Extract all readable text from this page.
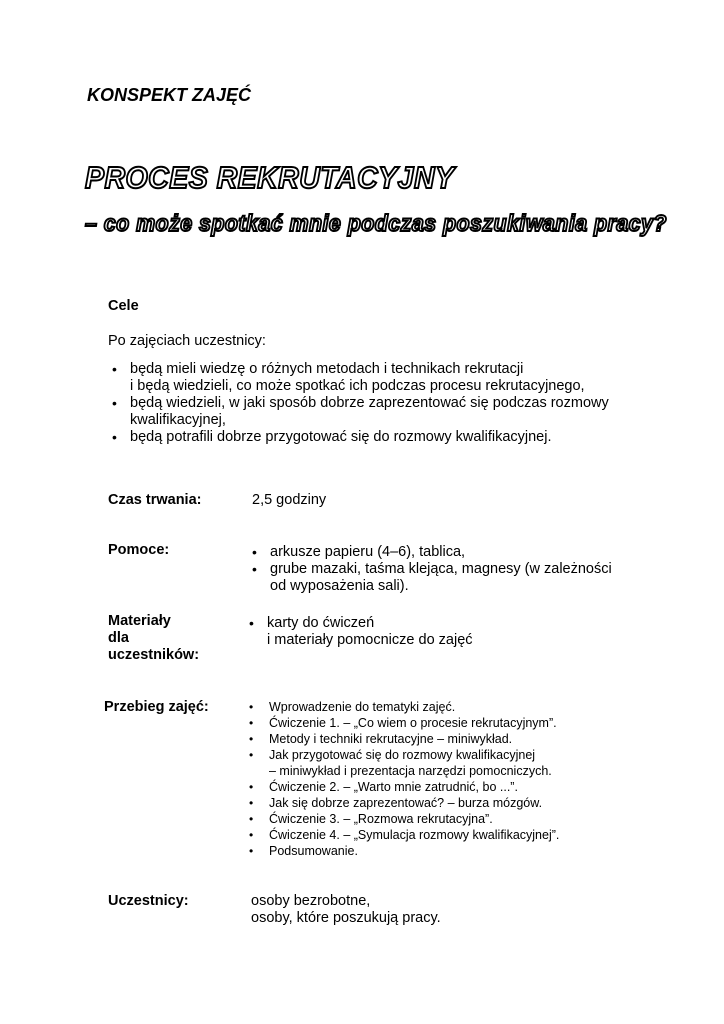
KONSPEKT ZAJĘĆ
PROCES REKRUTACYJNY
– co może spotkać mnie podczas poszukiwania pracy?
Cele
Po zajęciach uczestnicy:
• będą mieli wiedzę o różnych metodach i technikach rekrutacji
i będą wiedzieli, co może spotkać ich podczas procesu rekrutacyjnego,
• będą wiedzieli, w jaki sposób dobrze zaprezentować się podczas rozmowy
kwalifikacyjnej,
• będą potrafili dobrze przygotować się do rozmowy kwalifikacyjnej.
Czas trwania:	2,5 godziny
Pomoce:	• arkusze papieru (4–6), tablica,
• grube mazaki, taśma klejąca, magnesy (w zależności
od wyposażenia sali).
Materiały
dla
uczestników:
• karty do ćwiczeń
i materiały pomocnicze do zajęć
Przebieg zajęć:	• Wprowadzenie do tematyki zajęć.
• Ćwiczenie 1. – „Co wiem o procesie rekrutacyjnym”.
• Metody i techniki rekrutacyjne – miniwykład.
• Jak przygotować się do rozmowy kwalifikacyjnej
– miniwykład i prezentacja narzędzi pomocniczych.
• Ćwiczenie 2. – „Warto mnie zatrudnić, bo ...”.
• Jak się dobrze zaprezentować? – burza mózgów.
• Ćwiczenie 3. – „Rozmowa rekrutacyjna”.
• Ćwiczenie 4. – „Symulacja rozmowy kwalifikacyjnej”.
• Podsumowanie.
Uczestnicy:	osoby bezrobotne,
osoby, które poszukują pracy.
